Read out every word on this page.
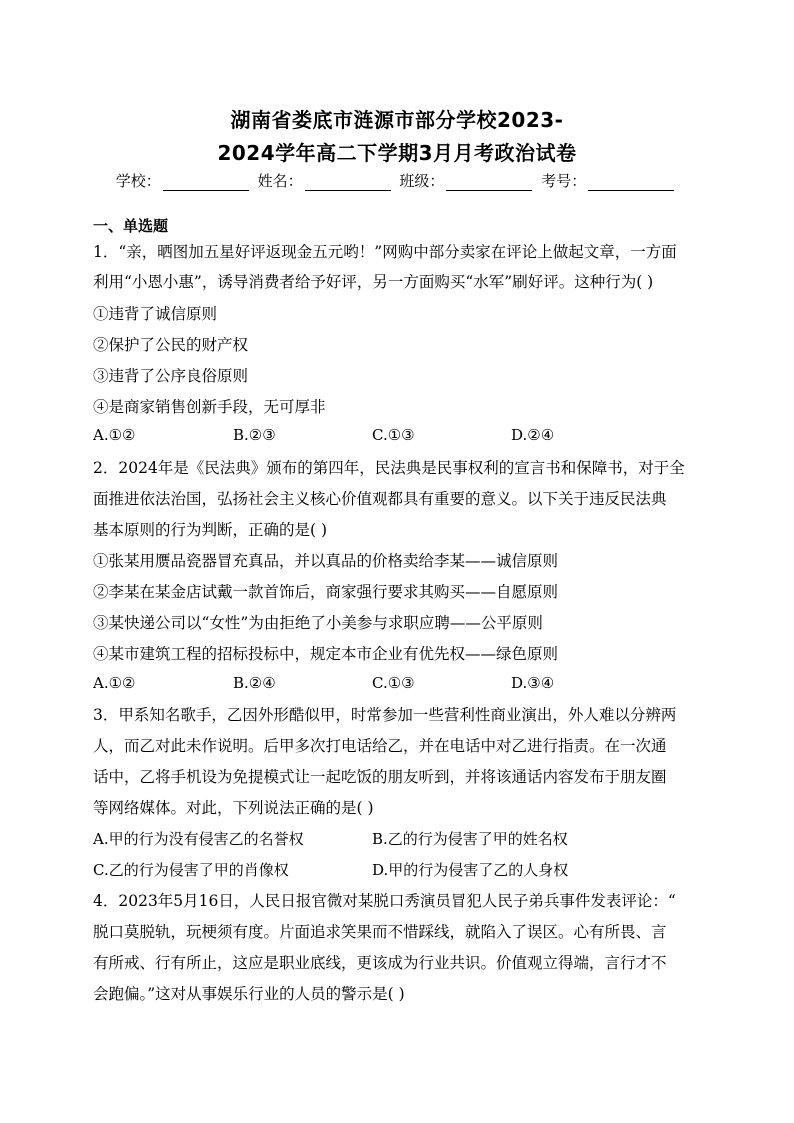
湖南省娄底市涟源市部分学校2023-
2024学年高二下学期3月月考政治试卷
学校：	姓名：	班级：	考号：
一、单选题
1．“亲，晒图加五星好评返现金五元哟！”网购中部分卖家在评论上做起文章，一方面
利用“小恩小惠”，诱导消费者给予好评，另一方面购买“水军”刷好评。这种行为( )
①违背了诚信原则
②保护了公民的财产权
③违背了公序良俗原则
④是商家销售创新手段，无可厚非
A.①②	B.②③	C.①③	D.②④
2．2024年是《民法典》颁布的第四年，民法典是民事权利的宣言书和保障书，对于全
面推进依法治国，弘扬社会主义核心价值观都具有重要的意义。以下关于违反民法典
基本原则的行为判断，正确的是( )
①张某用赝品瓷器冒充真品，并以真品的价格卖给李某——诚信原则
②李某在某金店试戴一款首饰后，商家强行要求其购买——自愿原则
③某快递公司以“女性”为由拒绝了小美参与求职应聘——公平原则
④某市建筑工程的招标投标中，规定本市企业有优先权——绿色原则
A.①②	B.②④	C.①③	D.③④
3．甲系知名歌手，乙因外形酷似甲，时常参加一些营利性商业演出，外人难以分辨两
人，而乙对此未作说明。后甲多次打电话给乙，并在电话中对乙进行指责。在一次通
话中，乙将手机设为免提模式让一起吃饭的朋友听到，并将该通话内容发布于朋友圈
等网络媒体。对此，下列说法正确的是( )
A.甲的行为没有侵害乙的名誉权	B.乙的行为侵害了甲的姓名权
C.乙的行为侵害了甲的肖像权	D.甲的行为侵害了乙的人身权
4．2023年5月16日，人民日报官微对某脱口秀演员冒犯人民子弟兵事件发表评论：“
脱口莫脱轨，玩梗须有度。片面追求笑果而不惜踩线，就陷入了误区。心有所畏、言
有所戒、行有所止，这应是职业底线，更该成为行业共识。价值观立得端，言行才不
会跑偏。”这对从事娱乐行业的人员的警示是( )
